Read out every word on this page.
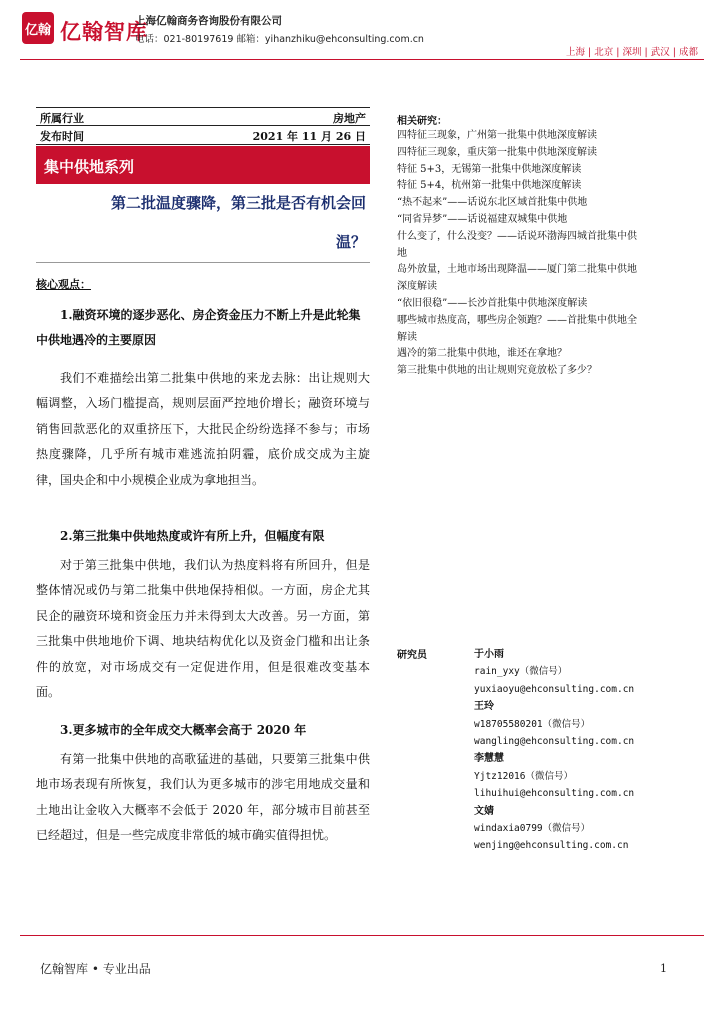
亿翰 亿翰智库
上海亿翰商务咨询股份有限公司
电话：021-80197619 邮箱：yihanzhiku@ehconsulting.com.cn
上海 | 北京 | 深圳 | 武汉 | 成都
所属行业	房地产
发布时间	2021 年 11 月 26 日
集中供地系列
第二批温度骤降，第三批是否有机会回
温？
核心观点：
1.融资环境的逐步恶化、房企资金压力不断上升是此轮集中供地遇冷的主要原因
我们不难描绘出第二批集中供地的来龙去脉：出让规则大幅调整，入场门槛提高，规则层面严控地价增长；融资环境与销售回款恶化的双重挤压下，大批民企纷纷选择不参与；市场热度骤降，几乎所有城市难逃流拍阴霾，底价成交成为主旋律，国央企和中小规模企业成为拿地担当。
2.第三批集中供地热度或许有所上升，但幅度有限
对于第三批集中供地，我们认为热度料将有所回升，但是整体情况或仍与第二批集中供地保持相似。一方面，房企尤其民企的融资环境和资金压力并未得到太大改善。另一方面，第三批集中供地地价下调、地块结构优化以及资金门槛和出让条件的放宽，对市场成交有一定促进作用，但是很难改变基本面。
3.更多城市的全年成交大概率会高于 2020 年
有第一批集中供地的高歌猛进的基础，只要第三批集中供地市场表现有所恢复，我们认为更多城市的涉宅用地成交量和土地出让金收入大概率不会低于 2020 年，部分城市目前甚至已经超过，但是一些完成度非常低的城市确实值得担忧。
相关研究：
四特征三现象，广州第一批集中供地深度解读
四特征三现象，重庆第一批集中供地深度解读
特征 5+3，无锡第一批集中供地深度解读
特征 5+4，杭州第一批集中供地深度解读
“热不起来”——话说东北区域首批集中供地
“同省异梦”——话说福建双城集中供地
什么变了，什么没变？——话说环渤海四城首批集中供地
岛外放量，土地市场出现降温——厦门第二批集中供地深度解读
“依旧很稳”——长沙首批集中供地深度解读
哪些城市热度高，哪些房企领跑？——首批集中供地全解读
遇冷的第二批集中供地，谁还在拿地？
第三批集中供地的出让规则究竟放松了多少？
研究员	于小雨
rain_yxy（微信号）
yuxiaoyu@ehconsulting.com.cn
王玲
w18705580201（微信号）
wangling@ehconsulting.com.cn
李慧慧
Yjtz12016（微信号）
lihuihui@ehconsulting.com.cn
文婧
windaxia0799（微信号）
wenjing@ehconsulting.com.cn
亿翰智库 • 专业出品	1
